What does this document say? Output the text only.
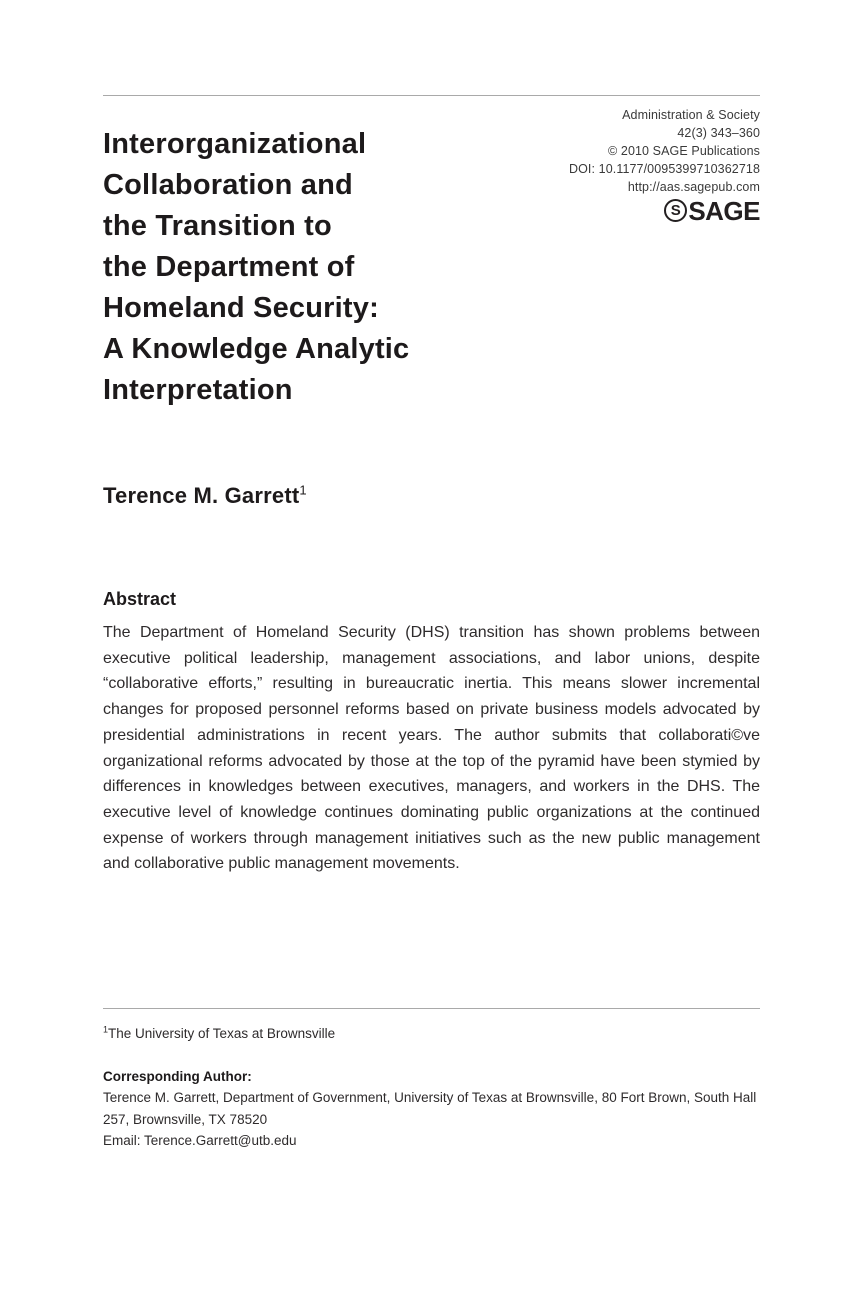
Administration & Society
42(3) 343–360
© 2010 SAGE Publications
DOI: 10.1177/0095399710362718
http://aas.sagepub.com
S SAGE
Interorganizational
Collaboration and
the Transition to
the Department of
Homeland Security:
A Knowledge Analytic
Interpretation
Terence M. Garrett$^1$
Abstract
The Department of Homeland Security (DHS) transition has shown problems between executive political leadership, management associations, and labor unions, despite “collaborative efforts,” resulting in bureaucratic inertia. This means slower incremental changes for proposed personnel reforms based on private business models advocated by presidential administrations in recent years. The author submits that collaborati©ve organizational reforms advocated by those at the top of the pyramid have been stymied by differences in knowledges between executives, managers, and workers in the DHS. The executive level of knowledge continues dominating public organizations at the continued expense of workers through management initiatives such as the new public management and collaborative public management movements.
$^1$The University of Texas at Brownsville
Corresponding Author:
Terence M. Garrett, Department of Government, University of Texas at Brownsville, 80 Fort Brown, South Hall 257, Brownsville, TX 78520
Email: Terence.Garrett@utb.edu
